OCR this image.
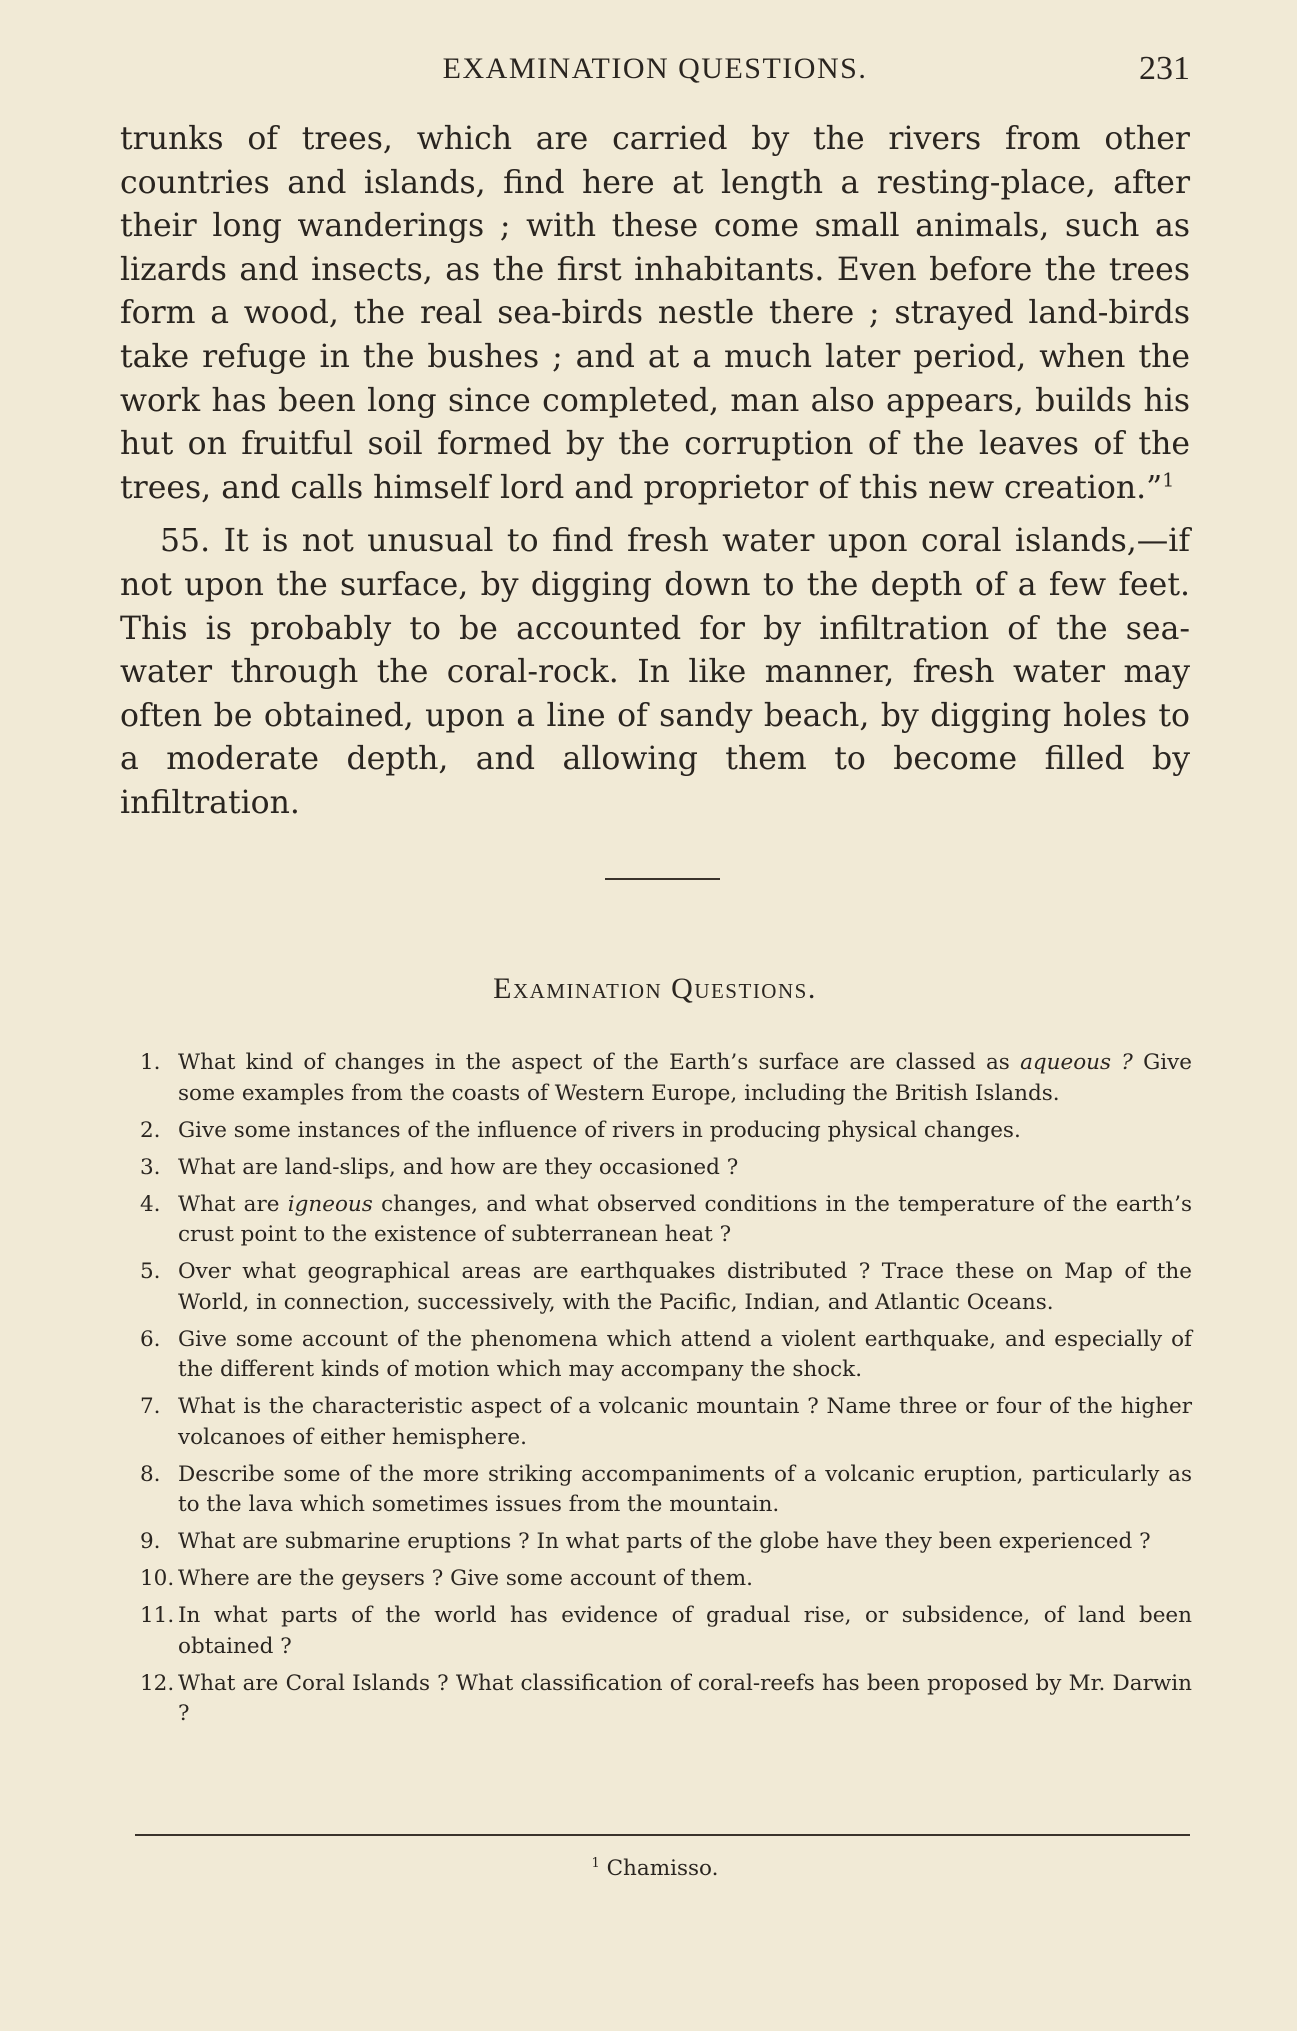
EXAMINATION QUESTIONS.	231

trunks of trees, which are carried by the rivers from other countries and islands, find here at length a resting-place, after their long wanderings ; with these come small animals, such as lizards and insects, as the first inhabitants. Even before the trees form a wood, the real sea-birds nestle there ; strayed land-birds take refuge in the bushes ; and at a much later period, when the work has been long since completed, man also appears, builds his hut on fruitful soil formed by the corruption of the leaves of the trees, and calls himself lord and proprietor of this new creation.”$^1$

55. It is not unusual to find fresh water upon coral islands,—if not upon the surface, by digging down to the depth of a few feet. This is probably to be accounted for by infiltration of the sea-water through the coral-rock. In like manner, fresh water may often be obtained, upon a line of sandy beach, by digging holes to a moderate depth, and allowing them to become filled by infiltration.

Examination Questions.
1. What kind of changes in the aspect of the Earth’s surface are classed as aqueous ? Give some examples from the coasts of Western Europe, including the British Islands.
2. Give some instances of the influence of rivers in producing physical changes.
3. What are land-slips, and how are they occasioned ?
4. What are igneous changes, and what observed conditions in the temperature of the earth’s crust point to the existence of subterranean heat ?
5. Over what geographical areas are earthquakes distributed ? Trace these on Map of the World, in connection, successively, with the Pacific, Indian, and Atlantic Oceans.
6. Give some account of the phenomena which attend a violent earthquake, and especially of the different kinds of motion which may accompany the shock.
7. What is the characteristic aspect of a volcanic mountain ? Name three or four of the higher volcanoes of either hemisphere.
8. Describe some of the more striking accompaniments of a volcanic eruption, particularly as to the lava which sometimes issues from the mountain.
9. What are submarine eruptions ? In what parts of the globe have they been experienced ?
10. Where are the geysers ? Give some account of them.
11. In what parts of the world has evidence of gradual rise, or subsidence, of land been obtained ?
12. What are Coral Islands ? What classification of coral-reefs has been proposed by Mr. Darwin ?
$^1$ Chamisso.
